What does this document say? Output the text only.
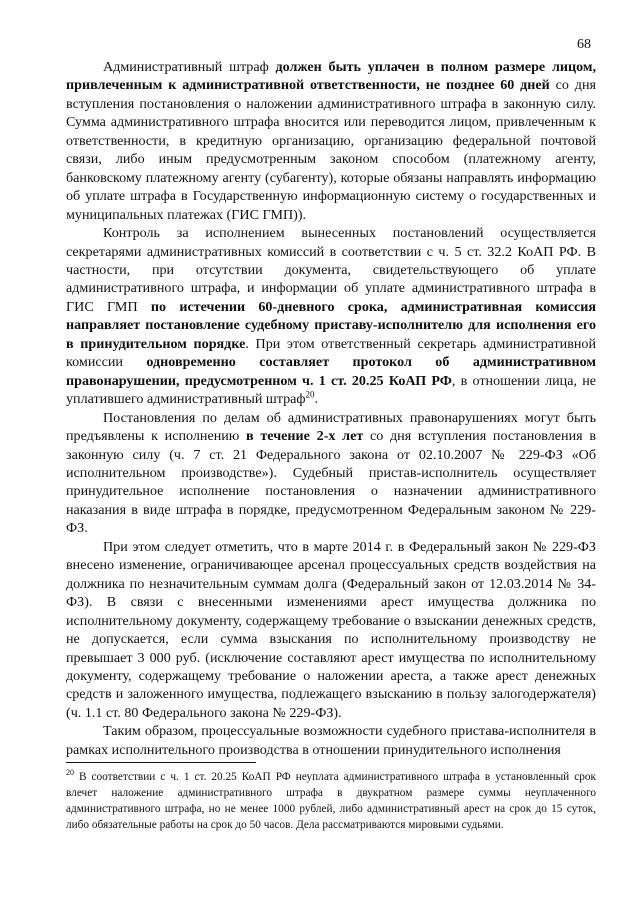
68

Административный штраф должен быть уплачен в полном размере лицом, привлеченным к административной ответственности, не позднее 60 дней со дня вступления постановления о наложении административного штрафа в законную силу. Сумма административного штрафа вносится или переводится лицом, привлеченным к ответственности, в кредитную организацию, организацию федеральной почтовой связи, либо иным предусмотренным законом способом (платежному агенту, банковскому платежному агенту (субагенту), которые обязаны направлять информацию об уплате штрафа в Государственную информационную систему о государственных и муниципальных платежах (ГИС ГМП)).

Контроль за исполнением вынесенных постановлений осуществляется секретарями административных комиссий в соответствии с ч. 5 ст. 32.2 КоАП РФ. В частности, при отсутствии документа, свидетельствующего об уплате административного штрафа, и информации об уплате административного штрафа в ГИС ГМП по истечении 60-дневного срока, административная комиссия направляет постановление судебному приставу-исполнителю для исполнения его в принудительном порядке. При этом ответственный секретарь административной комиссии одновременно составляет протокол об административном правонарушении, предусмотренном ч. 1 ст. 20.25 КоАП РФ, в отношении лица, не уплатившего административный штраф$^{20}$.

Постановления по делам об административных правонарушениях могут быть предъявлены к исполнению в течение 2-х лет со дня вступления постановления в законную силу (ч. 7 ст. 21 Федерального закона от 02.10.2007 № 229-ФЗ «Об исполнительном производстве»). Судебный пристав-исполнитель осуществляет принудительное исполнение постановления о назначении административного наказания в виде штрафа в порядке, предусмотренном Федеральным законом № 229-ФЗ.

При этом следует отметить, что в марте 2014 г. в Федеральный закон № 229-ФЗ внесено изменение, ограничивающее арсенал процессуальных средств воздействия на должника по незначительным суммам долга (Федеральный закон от 12.03.2014 № 34-ФЗ). В связи с внесенными изменениями арест имущества должника по исполнительному документу, содержащему требование о взыскании денежных средств, не допускается, если сумма взыскания по исполнительному производству не превышает 3 000 руб. (исключение составляют арест имущества по исполнительному документу, содержащему требование о наложении ареста, а также арест денежных средств и заложенного имущества, подлежащего взысканию в пользу залогодержателя) (ч. 1.1 ст. 80 Федерального закона № 229-ФЗ).

Таким образом, процессуальные возможности судебного пристава-исполнителя в рамках исполнительного производства в отношении принудительного исполнения

$^{20}$ В соответствии с ч. 1 ст. 20.25 КоАП РФ неуплата административного штрафа в установленный срок влечет наложение административного штрафа в двукратном размере суммы неуплаченного административного штрафа, но не менее 1000 рублей, либо административный арест на срок до 15 суток, либо обязательные работы на срок до 50 часов. Дела рассматриваются мировыми судьями.
